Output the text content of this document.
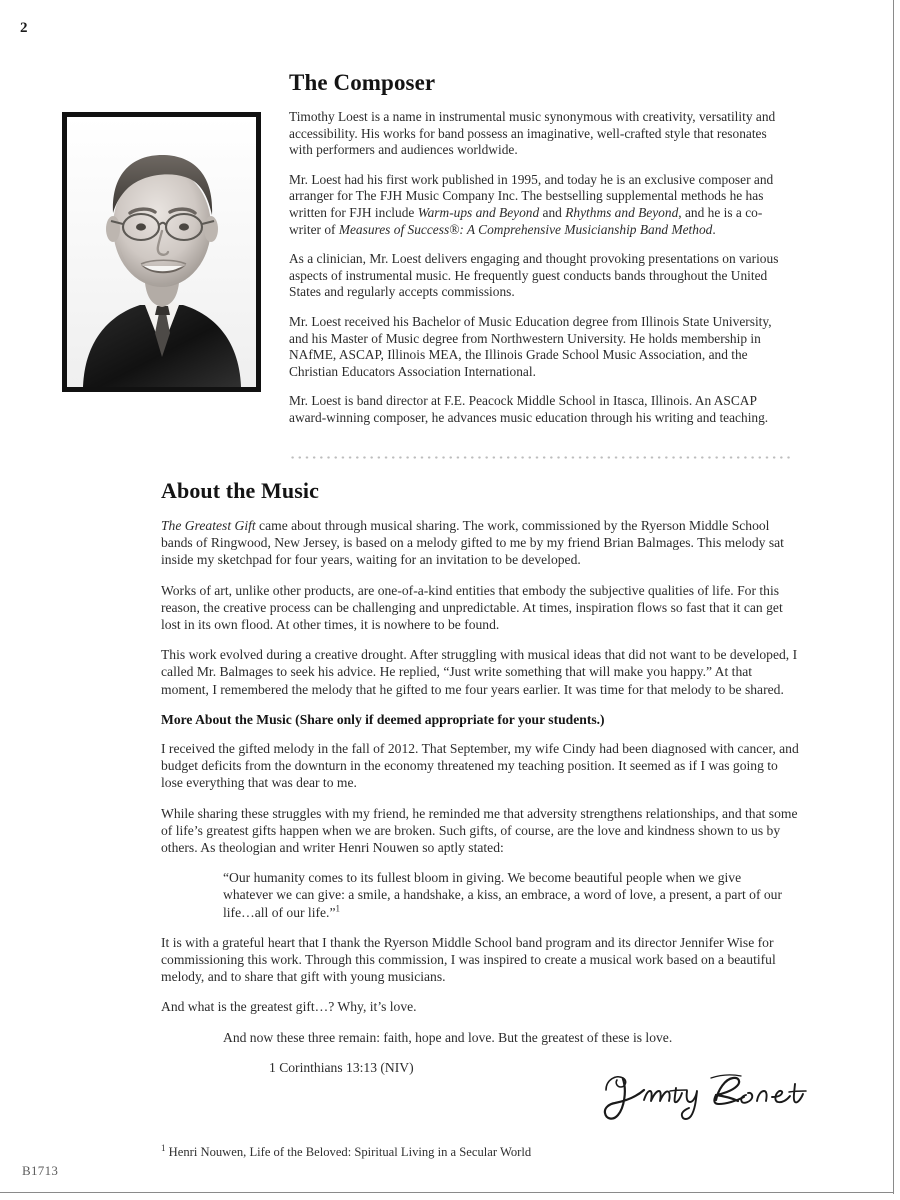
2
The Composer

Timothy Loest is a name in instrumental music synonymous with creativity, versatility and accessibility. His works for band possess an imaginative, well-crafted style that resonates with performers and audiences worldwide.

Mr. Loest had his first work published in 1995, and today he is an exclusive composer and arranger for The FJH Music Company Inc. The bestselling supplemental methods he has written for FJH include Warm-ups and Beyond and Rhythms and Beyond, and he is a co-writer of Measures of Success®: A Comprehensive Musicianship Band Method.

As a clinician, Mr. Loest delivers engaging and thought provoking presentations on various aspects of instrumental music. He frequently guest conducts bands throughout the United States and regularly accepts commissions.

Mr. Loest received his Bachelor of Music Education degree from Illinois State University, and his Master of Music degree from Northwestern University. He holds membership in NAfME, ASCAP, Illinois MEA, the Illinois Grade School Music Association, and the Christian Educators Association International.

Mr. Loest is band director at F.E. Peacock Middle School in Itasca, Illinois. An ASCAP award-winning composer, he advances music education through his writing and teaching.

About the Music

The Greatest Gift came about through musical sharing. The work, commissioned by the Ryerson Middle School bands of Ringwood, New Jersey, is based on a melody gifted to me by my friend Brian Balmages. This melody sat inside my sketchpad for four years, waiting for an invitation to be developed.

Works of art, unlike other products, are one-of-a-kind entities that embody the subjective qualities of life. For this reason, the creative process can be challenging and unpredictable. At times, inspiration flows so fast that it can get lost in its own flood. At other times, it is nowhere to be found.

This work evolved during a creative drought. After struggling with musical ideas that did not want to be developed, I called Mr. Balmages to seek his advice. He replied, “Just write something that will make you happy.” At that moment, I remembered the melody that he gifted to me four years earlier. It was time for that melody to be shared.

More About the Music (Share only if deemed appropriate for your students.)

I received the gifted melody in the fall of 2012. That September, my wife Cindy had been diagnosed with cancer, and budget deficits from the downturn in the economy threatened my teaching position. It seemed as if I was going to lose everything that was dear to me.

While sharing these struggles with my friend, he reminded me that adversity strengthens relationships, and that some of life’s greatest gifts happen when we are broken. Such gifts, of course, are the love and kindness shown to us by others. As theologian and writer Henri Nouwen so aptly stated:

“Our humanity comes to its fullest bloom in giving. We become beautiful people when we give whatever we can give: a smile, a handshake, a kiss, an embrace, a word of love, a present, a part of our life…all of our life.”$^1$

It is with a grateful heart that I thank the Ryerson Middle School band program and its director Jennifer Wise for commissioning this work. Through this commission, I was inspired to create a musical work based on a beautiful melody, and to share that gift with young musicians.

And what is the greatest gift…? Why, it’s love.

And now these three remain: faith, hope and love. But the greatest of these is love.

1 Corinthians 13:13 (NIV)

$^1$ Henri Nouwen, Life of the Beloved: Spiritual Living in a Secular World
B1713
